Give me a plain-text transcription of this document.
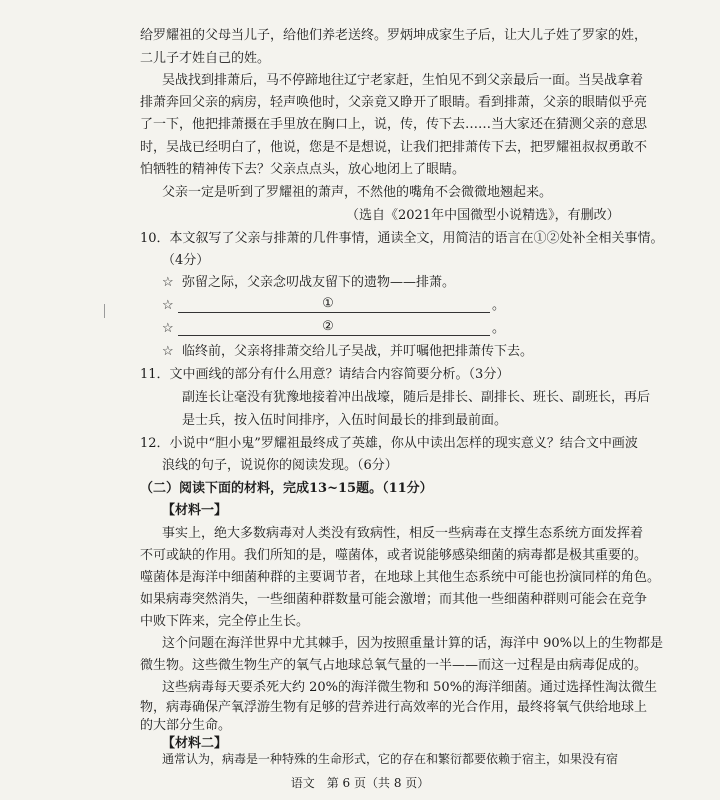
给罗耀祖的父母当儿子，给他们养老送终。罗炳坤成家生子后，让大儿子姓了罗家的姓，
二儿子才姓自己的姓。
吴战找到排萧后，马不停蹄地往辽宁老家赶，生怕见不到父亲最后一面。当吴战拿着
排萧奔回父亲的病房，轻声唤他时，父亲竟又睁开了眼睛。看到排萧，父亲的眼睛似乎亮
了一下，他把排萧摄在手里放在胸口上，说，传，传下去……当大家还在猜测父亲的意思
时，吴战已经明白了，他说，您是不是想说，让我们把排萧传下去，把罗耀祖叔叔勇敢不
怕牺牲的精神传下去？父亲点点头，放心地闭上了眼睛。
父亲一定是听到了罗耀祖的萧声，不然他的嘴角不会微微地翘起来。
（选自《2021年中国微型小说精选》，有删改）
10．本文叙写了父亲与排萧的几件事情，通读全文，用简洁的语言在①②处补全相关事情。
（4分）
☆ 弥留之际，父亲念叨战友留下的遗物——排萧。
☆	①	。
☆	②	。
☆ 临终前，父亲将排萧交给儿子吴战，并叮嘱他把排萧传下去。
11．文中画线的部分有什么用意？请结合内容简要分析。（3分）
副连长让毫没有犹豫地接着冲出战壕，随后是排长、副排长、班长、副班长，再后
是士兵，按入伍时间排序，入伍时间最长的排到最前面。
12．小说中“胆小鬼”罗耀祖最终成了英雄，你从中读出怎样的现实意义？结合文中画波
浪线的句子，说说你的阅读发现。（6分）
（二）阅读下面的材料，完成13~15题。（11分）
【材料一】
事实上，绝大多数病毒对人类没有致病性，相反一些病毒在支撑生态系统方面发挥着
不可或缺的作用。我们所知的是，噬菌体，或者说能够感染细菌的病毒都是极其重要的。
噬菌体是海洋中细菌种群的主要调节者，在地球上其他生态系统中可能也扮演同样的角色。
如果病毒突然消失，一些细菌种群数量可能会激增；而其他一些细菌种群则可能会在竞争
中败下阵来，完全停止生长。
这个问题在海洋世界中尤其棘手，因为按照重量计算的话，海洋中 90%以上的生物都是
微生物。这些微生物生产的氧气占地球总氧气量的一半——而这一过程是由病毒促成的。
这些病毒每天要杀死大约 20%的海洋微生物和 50%的海洋细菌。通过选择性淘汰微生
物，病毒确保产氧浮游生物有足够的营养进行高效率的光合作用，最终将氧气供给地球上
的大部分生命。
【材料二】
通常认为，病毒是一种特殊的生命形式，它的存在和繁衍都要依赖于宿主，如果没有宿
语文　第 6 页（共 8 页）
